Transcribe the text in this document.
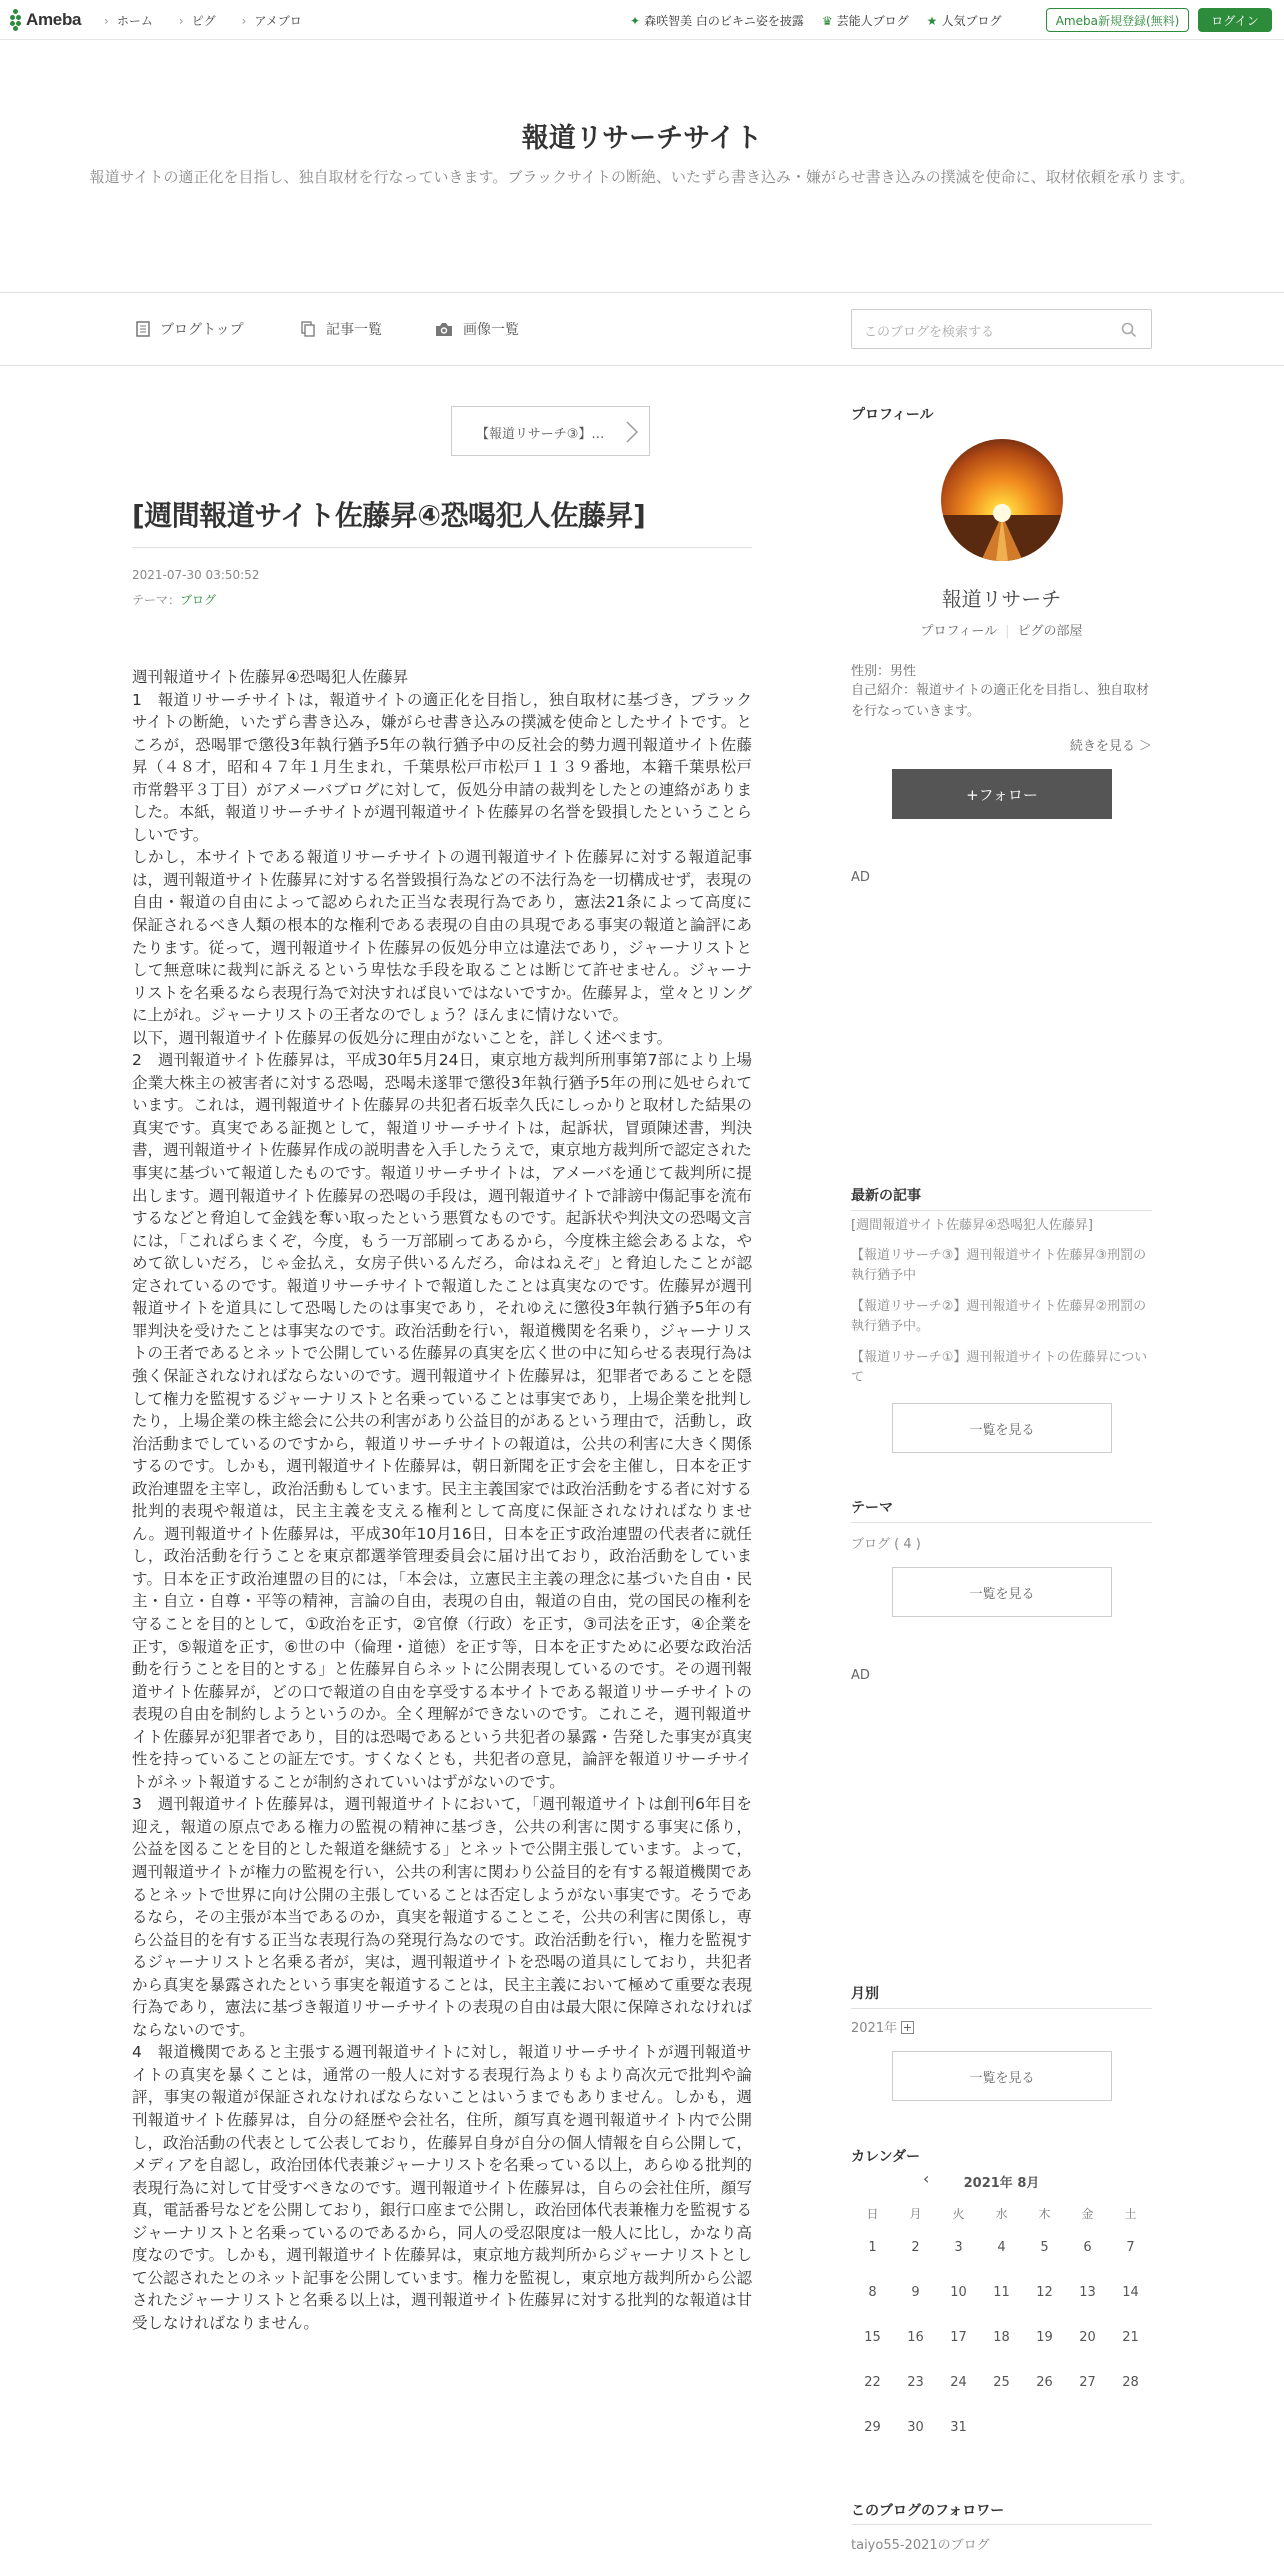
Ameba	› ホーム	› ピグ	› アメブロ	✦ 森咲智美 白のビキニ姿を披露 ♛ 芸能人ブログ ★ 人気ブログ	Ameba新規登録(無料)	ログイン
報道リサーチサイト
報道サイトの適正化を目指し、独自取材を行なっていきます。ブラックサイトの断絶、いたずら書き込み・嫌がらせ書き込みの撲滅を使命に、取材依頼を承ります。
ブログトップ	記事一覧	画像一覧	このブログを検索する
【報道リサーチ③】…
[週間報道サイト佐藤昇④恐喝犯人佐藤昇]
2021-07-30 03:50:52
テーマ：ブログ

週刊報道サイト佐藤昇④恐喝犯人佐藤昇

1　報道リサーチサイトは，報道サイトの適正化を目指し，独自取材に基づき，ブラックサイトの断絶，いたずら書き込み，嫌がらせ書き込みの撲滅を使命としたサイトです。ところが，恐喝罪で懲役3年執行猶予5年の執行猶予中の反社会的勢力週刊報道サイト佐藤昇（４８才，昭和４７年１月生まれ，千葉県松戸市松戸１１３９番地，本籍千葉県松戸市常磐平３丁目）がアメーバブログに対して，仮処分申請の裁判をしたとの連絡がありました。本紙，報道リサーチサイトが週刊報道サイト佐藤昇の名誉を毀損したということらしいです。

しかし，本サイトである報道リサーチサイトの週刊報道サイト佐藤昇に対する報道記事は，週刊報道サイト佐藤昇に対する名誉毀損行為などの不法行為を一切構成せず，表現の自由・報道の自由によって認められた正当な表現行為であり，憲法21条によって高度に保証されるべき人類の根本的な権利である表現の自由の具現である事実の報道と論評にあたります。従って，週刊報道サイト佐藤昇の仮処分申立は違法であり，ジャーナリストとして無意味に裁判に訴えるという卑怯な手段を取ることは断じて許せません。ジャーナリストを名乗るなら表現行為で対決すれば良いではないですか。佐藤昇よ，堂々とリングに上がれ。ジャーナリストの王者なのでしょう？ほんまに情けないで。

以下，週刊報道サイト佐藤昇の仮処分に理由がないことを，詳しく述べます。

2　週刊報道サイト佐藤昇は，平成30年5月24日，東京地方裁判所刑事第7部により上場企業大株主の被害者に対する恐喝，恐喝未遂罪で懲役3年執行猶予5年の刑に処せられています。これは，週刊報道サイト佐藤昇の共犯者石坂幸久氏にしっかりと取材した結果の真実です。真実である証拠として，報道リサーチサイトは，起訴状，冒頭陳述書，判決書，週刊報道サイト佐藤昇作成の説明書を入手したうえで，東京地方裁判所で認定された事実に基づいて報道したものです。報道リサーチサイトは，アメーバを通じて裁判所に提出します。週刊報道サイト佐藤昇の恐喝の手段は，週刊報道サイトで誹謗中傷記事を流布するなどと脅迫して金銭を奪い取ったという悪質なものです。起訴状や判決文の恐喝文言には，「これぱらまくぞ，今度，もう一万部刷ってあるから，今度株主総会あるよな，やめて欲しいだろ，じゃ金払え，女房子供いるんだろ，命はねえぞ」と脅迫したことが認定されているのです。報道リサーチサイトで報道したことは真実なのです。佐藤昇が週刊報道サイトを道具にして恐喝したのは事実であり，それゆえに懲役3年執行猶予5年の有罪判決を受けたことは事実なのです。政治活動を行い，報道機関を名乗り，ジャーナリストの王者であるとネットで公開している佐藤昇の真実を広く世の中に知らせる表現行為は強く保証されなければならないのです。週刊報道サイト佐藤昇は，犯罪者であることを隠して権力を監視するジャーナリストと名乗っていることは事実であり，上場企業を批判したり，上場企業の株主総会に公共の利害があり公益目的があるという理由で，活動し，政治活動までしているのですから，報道リサーチサイトの報道は，公共の利害に大きく関係するのです。しかも，週刊報道サイト佐藤昇は，朝日新聞を正す会を主催し，日本を正す政治連盟を主宰し，政治活動もしています。民主主義国家では政治活動をする者に対する批判的表現や報道は，民主主義を支える権利として高度に保証されなければなりません。週刊報道サイト佐藤昇は，平成30年10月16日，日本を正す政治連盟の代表者に就任し，政治活動を行うことを東京都選挙管理委員会に届け出ており，政治活動をしています。日本を正す政治連盟の目的には，「本会は，立憲民主主義の理念に基づいた自由・民主・自立・自尊・平等の精神，言論の自由，表現の自由，報道の自由，党の国民の権利を守ることを目的として，①政治を正す，②官僚（行政）を正す，③司法を正す，④企業を正す，⑤報道を正す，⑥世の中（倫理・道徳）を正す等，日本を正すために必要な政治活動を行うことを目的とする」と佐藤昇自らネットに公開表現しているのです。その週刊報道サイト佐藤昇が，どの口で報道の自由を享受する本サイトである報道リサーチサイトの表現の自由を制約しようというのか。全く理解ができないのです。これこそ，週刊報道サイト佐藤昇が犯罪者であり，目的は恐喝であるという共犯者の暴露・告発した事実が真実性を持っていることの証左です。すくなくとも，共犯者の意見，論評を報道リサーチサイトがネット報道することが制約されていいはずがないのです。

3　週刊報道サイト佐藤昇は，週刊報道サイトにおいて，「週刊報道サイトは創刊6年目を迎え，報道の原点である権力の監視の精神に基づき，公共の利害に関する事実に係り，公益を図ることを目的とした報道を継続する」とネットで公開主張しています。よって，週刊報道サイトが権力の監視を行い，公共の利害に関わり公益目的を有する報道機関であるとネットで世界に向け公開の主張していることは否定しようがない事実です。そうであるなら，その主張が本当であるのか，真実を報道することこそ，公共の利害に関係し，専ら公益目的を有する正当な表現行為の発現行為なのです。政治活動を行い，権力を監視するジャーナリストと名乗る者が，実は，週刊報道サイトを恐喝の道具にしており，共犯者から真実を暴露されたという事実を報道することは，民主主義において極めて重要な表現行為であり，憲法に基づき報道リサーチサイトの表現の自由は最大限に保障されなければならないのです。

4　報道機関であると主張する週刊報道サイトに対し，報道リサーチサイトが週刊報道サイトの真実を暴くことは，通常の一般人に対する表現行為よりもより高次元で批判や論評，事実の報道が保証されなければならないことはいうまでもありません。しかも，週刊報道サイト佐藤昇は，自分の経歴や会社名，住所，顔写真を週刊報道サイト内で公開し，政治活動の代表として公表しており，佐藤昇自身が自分の個人情報を自ら公開して，メディアを自認し，政治団体代表兼ジャーナリストを名乗っている以上，あらゆる批判的表現行為に対して甘受すべきなのです。週刊報道サイト佐藤昇は，自らの会社住所，顔写真，電話番号などを公開しており，銀行口座まで公開し，政治団体代表兼権力を監視するジャーナリストと名乗っているのであるから，同人の受忍限度は一般人に比し，かなり高度なのです。しかも，週刊報道サイト佐藤昇は，東京地方裁判所からジャーナリストとして公認されたとのネット記事を公開しています。権力を監視し，東京地方裁判所から公認されたジャーナリストと名乗る以上は，週刊報道サイト佐藤昇に対する批判的な報道は甘受しなければなりません。

プロフィール
報道リサーチ
プロフィール | ピグの部屋
性別：男性
自己紹介：報道サイトの適正化を目指し、独自取材を行なっていきます。
続きを見る ＞
+フォロー
AD
最新の記事
[週間報道サイト佐藤昇④恐喝犯人佐藤昇]
【報道リサーチ③】週刊報道サイト佐藤昇③刑罰の執行猶予中
【報道リサーチ②】週刊報道サイト佐藤昇②刑罰の執行猶予中。
【報道リサーチ①】週刊報道サイトの佐藤昇について
一覧を見る
テーマ
ブログ ( 4 )
一覧を見る
AD
月別
2021年
一覧を見る
カレンダー
‹	2021年 8月
日	月	火	水	木	金	土
1	2	3	4	5	6	7
8	9	10	11	12	13	14
15	16	17	18	19	20	21
22	23	24	25	26	27	28
29	30	31
このブログのフォロワー
taiyo55-2021のブログ
